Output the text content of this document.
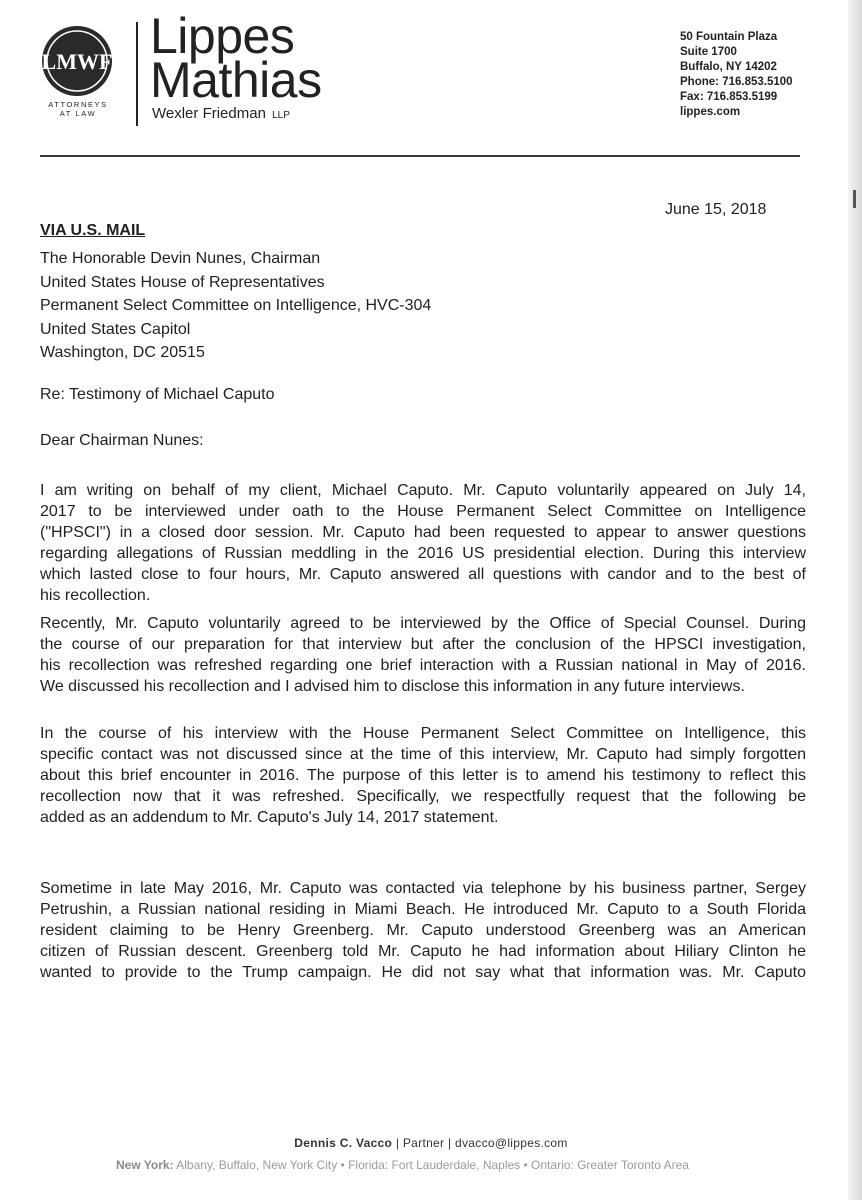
LMWF
ATTORNEYS
AT LAW
Lippes
Mathias
Wexler Friedman LLP
50 Fountain Plaza
Suite 1700
Buffalo, NY 14202
Phone: 716.853.5100
Fax: 716.853.5199
lippes.com
June 15, 2018
VIA U.S. MAIL
The Honorable Devin Nunes, Chairman
United States House of Representatives
Permanent Select Committee on Intelligence, HVC-304
United States Capitol
Washington, DC 20515
Re: Testimony of Michael Caputo
Dear Chairman Nunes:
I am writing on behalf of my client, Michael Caputo. Mr. Caputo voluntarily appeared on July 14,
2017 to be interviewed under oath to the House Permanent Select Committee on Intelligence
("HPSCI") in a closed door session. Mr. Caputo had been requested to appear to answer questions
regarding allegations of Russian meddling in the 2016 US presidential election. During this interview
which lasted close to four hours, Mr. Caputo answered all questions with candor and to the best of
his recollection.
Recently, Mr. Caputo voluntarily agreed to be interviewed by the Office of Special Counsel. During
the course of our preparation for that interview but after the conclusion of the HPSCI investigation,
his recollection was refreshed regarding one brief interaction with a Russian national in May of 2016.
We discussed his recollection and I advised him to disclose this information in any future interviews.
In the course of his interview with the House Permanent Select Committee on Intelligence, this
specific contact was not discussed since at the time of this interview, Mr. Caputo had simply forgotten
about this brief encounter in 2016. The purpose of this letter is to amend his testimony to reflect this
recollection now that it was refreshed. Specifically, we respectfully request that the following be
added as an addendum to Mr. Caputo's July 14, 2017 statement.
Sometime in late May 2016, Mr. Caputo was contacted via telephone by his business partner, Sergey
Petrushin, a Russian national residing in Miami Beach. He introduced Mr. Caputo to a South Florida
resident claiming to be Henry Greenberg. Mr. Caputo understood Greenberg was an American
citizen of Russian descent. Greenberg told Mr. Caputo he had information about Hiliary Clinton he
wanted to provide to the Trump campaign. He did not say what that information was. Mr. Caputo
Dennis C. Vacco | Partner | dvacco@lippes.com
New York: Albany, Buffalo, New York City • Florida: Fort Lauderdale, Naples • Ontario: Greater Toronto Area
